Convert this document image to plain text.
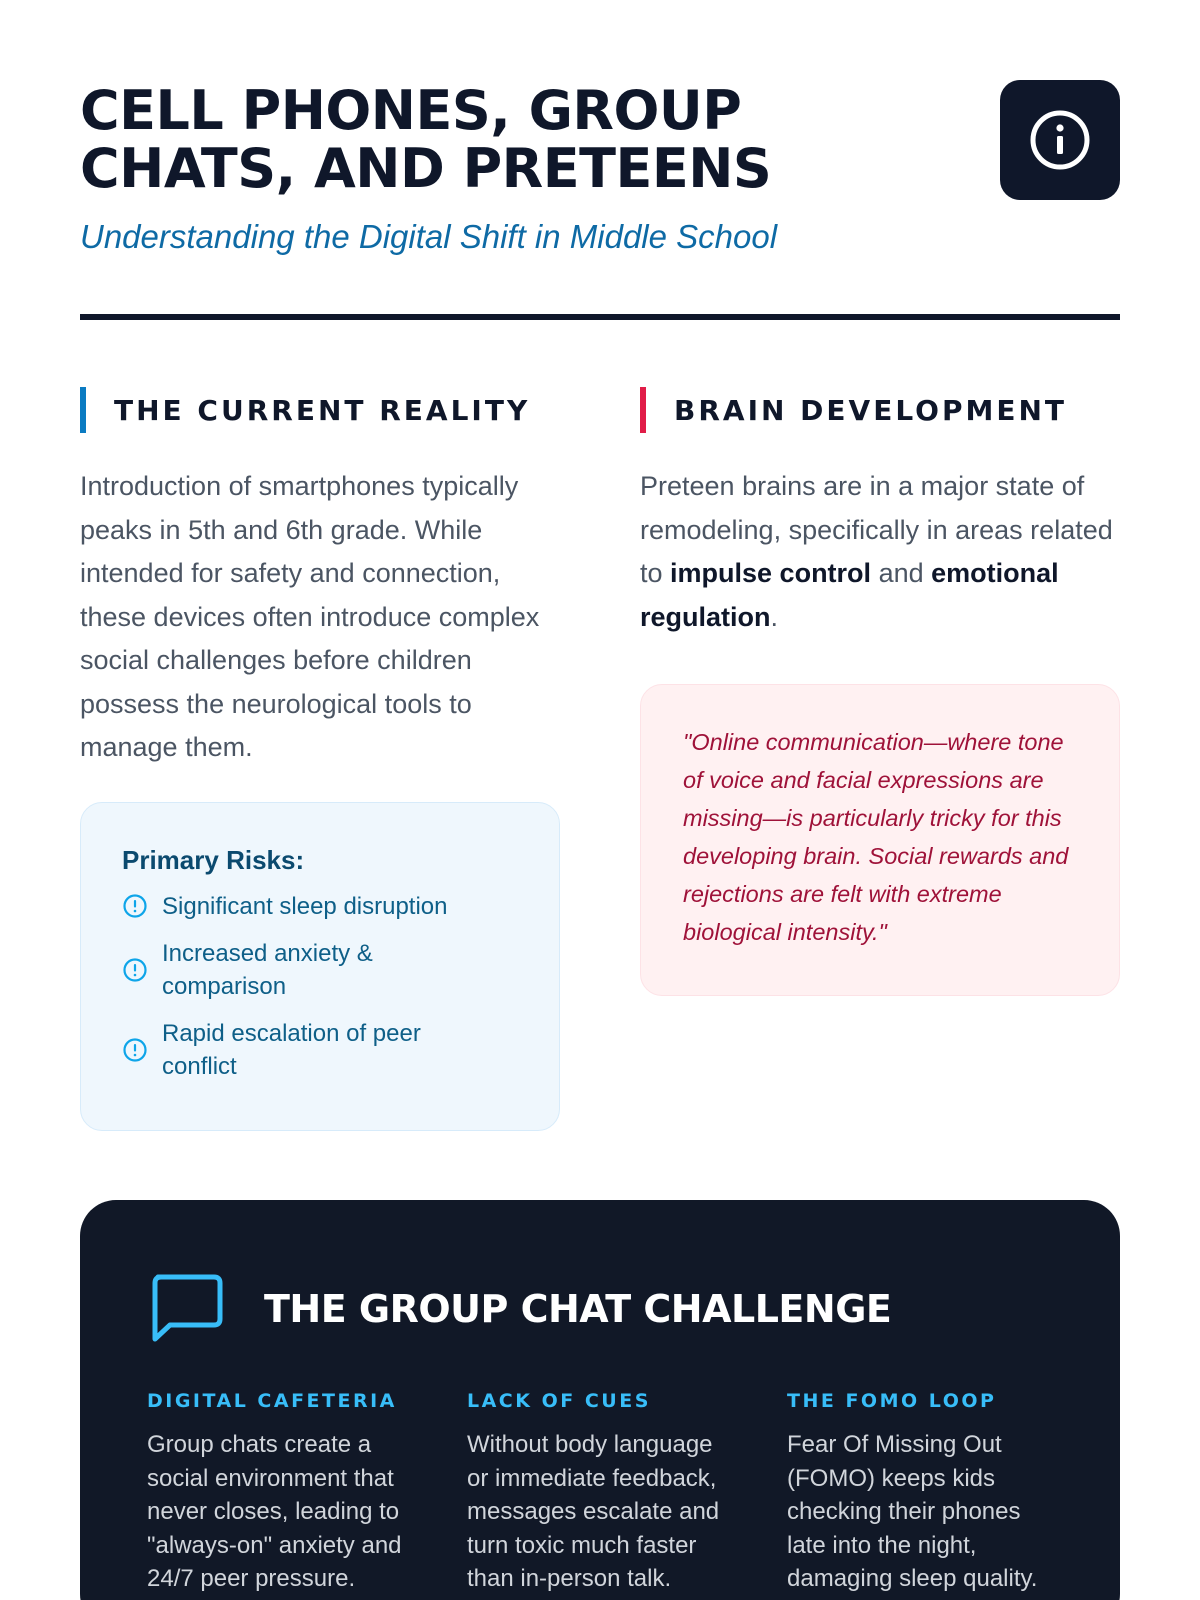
CELL PHONES, GROUP
CHATS, AND PRETEENS
Understanding the Digital Shift in Middle School
THE CURRENT REALITY

Introduction of smartphones typically peaks in 5th and 6th grade. While intended for safety and connection, these devices often introduce complex social challenges before children possess the neurological tools to manage them.

Primary Risks:
Significant sleep disruption
Increased anxiety & comparison
Rapid escalation of peer conflict
BRAIN DEVELOPMENT

Preteen brains are in a major state of remodeling, specifically in areas related to impulse control and emotional regulation.

"Online communication—where tone of voice and facial expressions are missing—is particularly tricky for this developing brain. Social rewards and rejections are felt with extreme biological intensity."

THE GROUP CHAT CHALLENGE
DIGITAL CAFETERIA

Group chats create a social environment that never closes, leading to "always-on" anxiety and 24/7 peer pressure.

LACK OF CUES

Without body language or immediate feedback, messages escalate and turn toxic much faster than in-person talk.

THE FOMO LOOP

Fear Of Missing Out (FOMO) keeps kids checking their phones late into the night, damaging sleep quality.
